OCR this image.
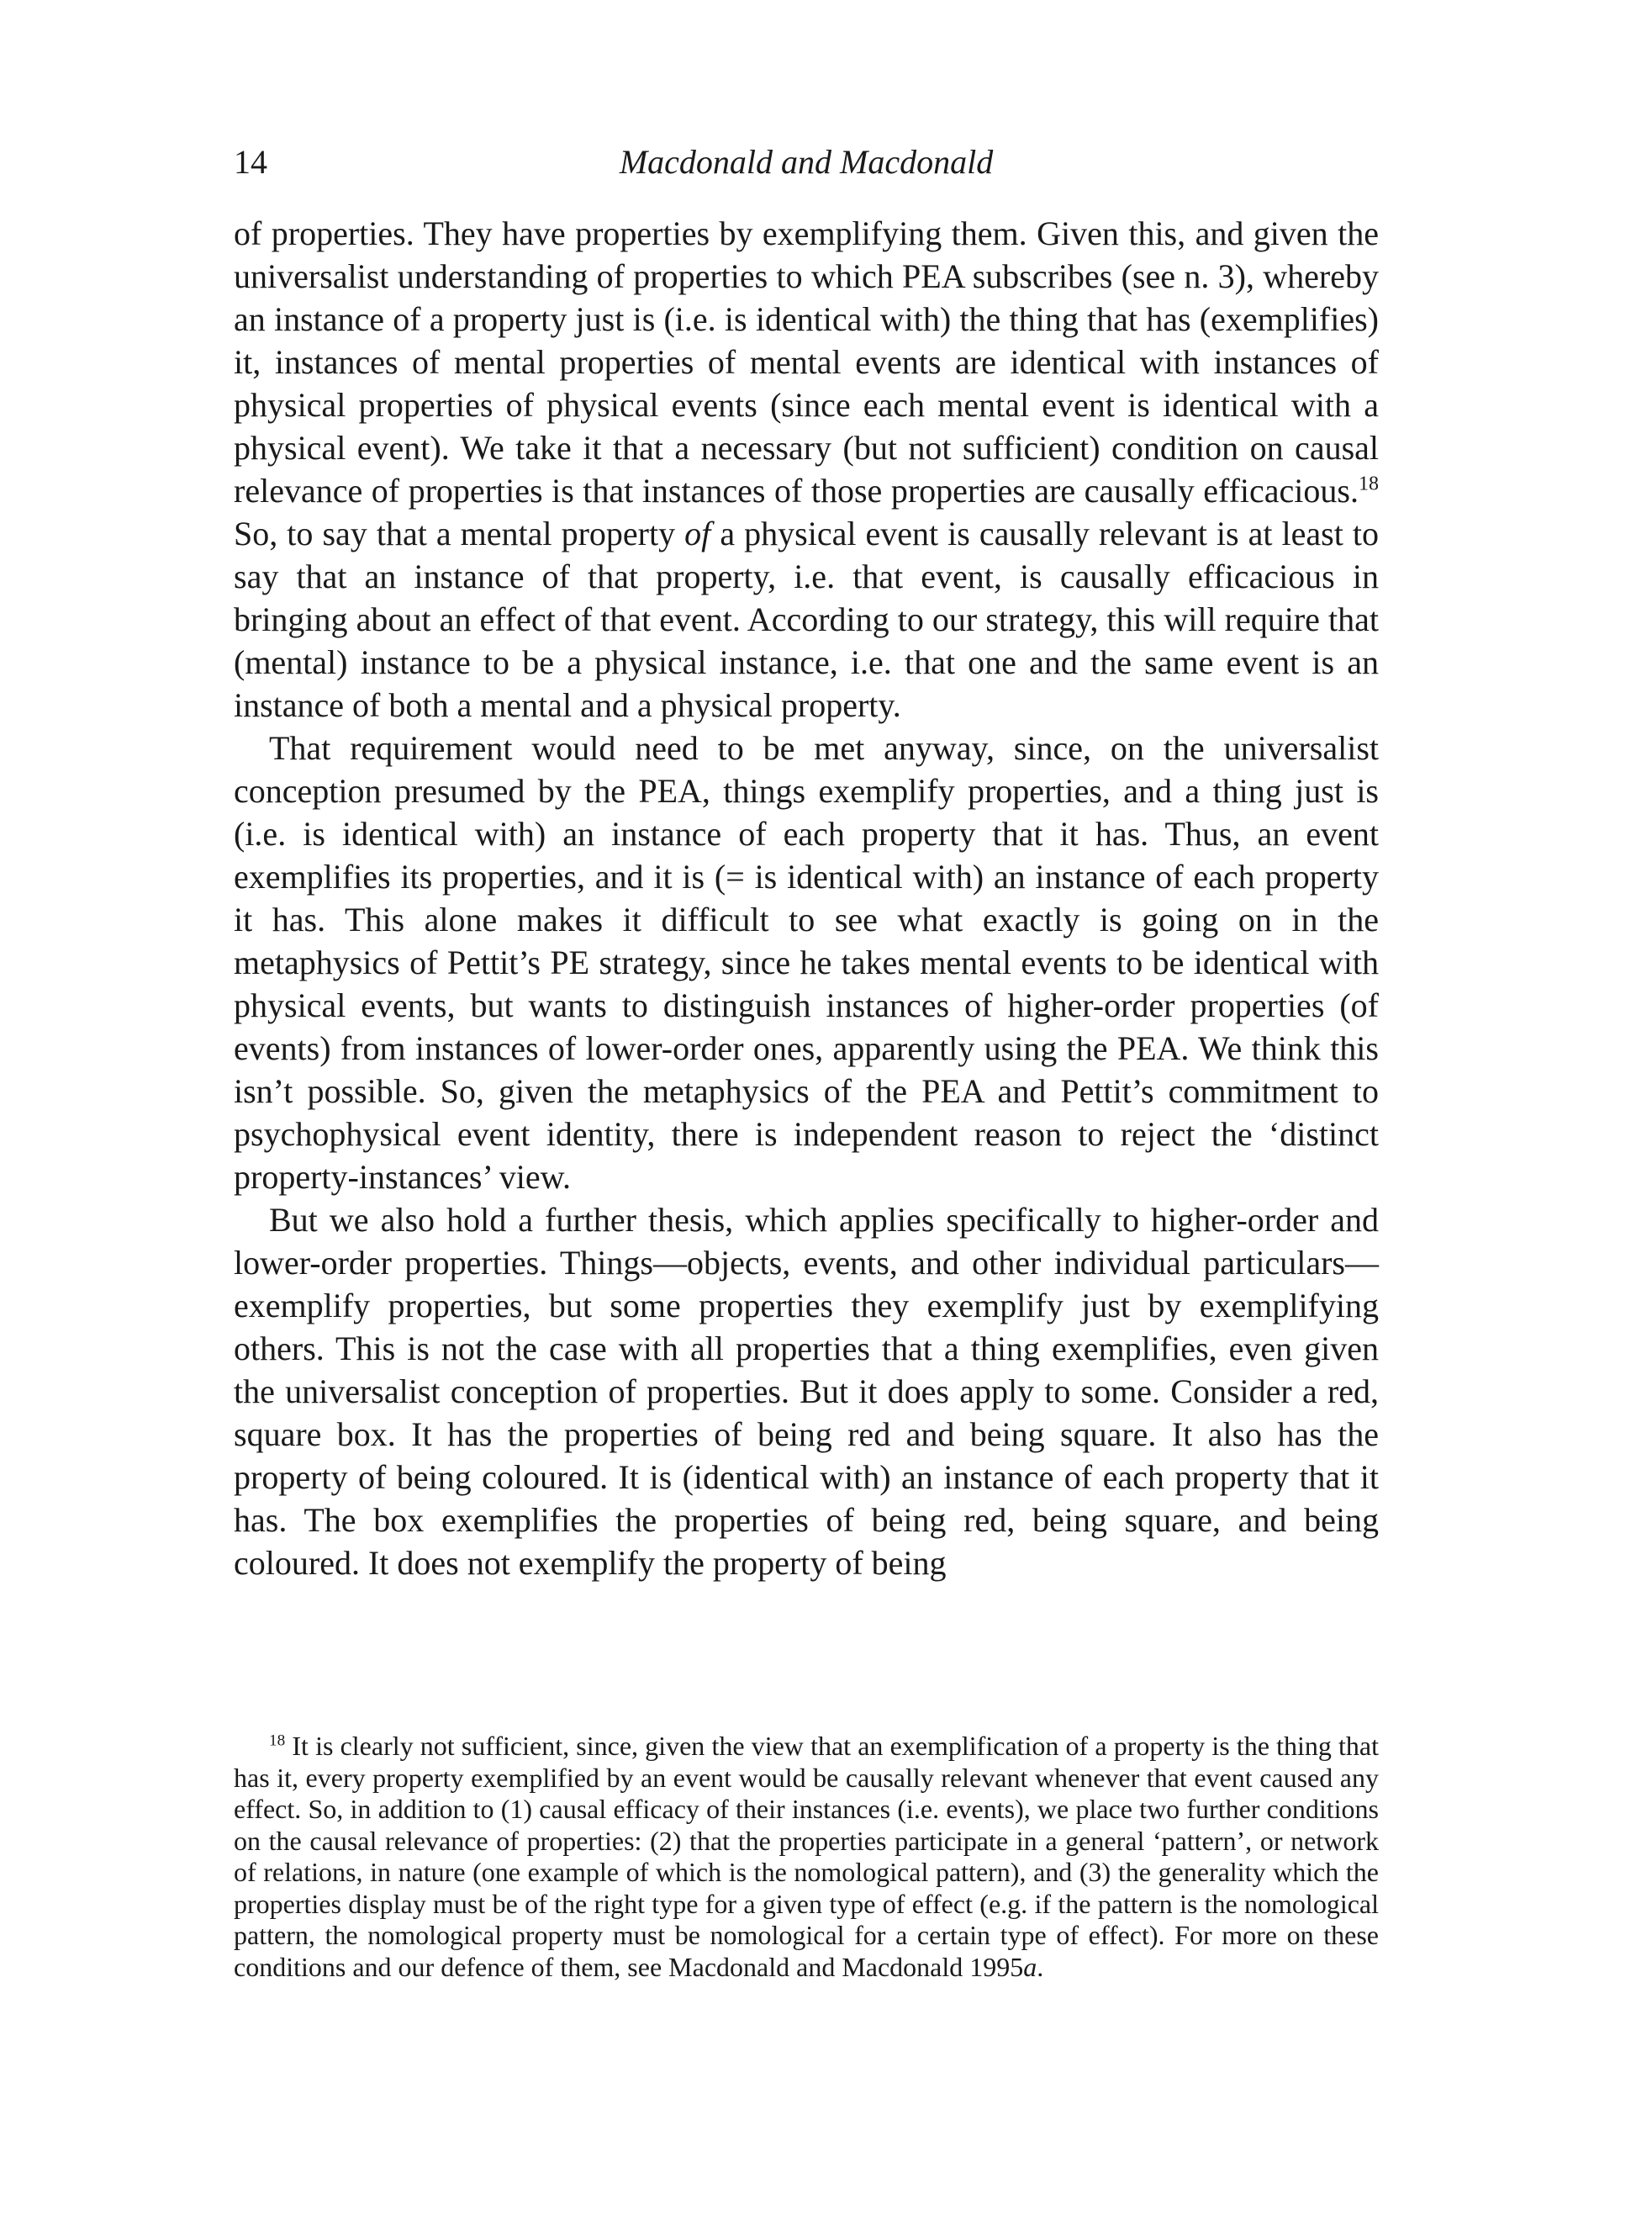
14	Macdonald and Macdonald

of properties. They have properties by exemplifying them. Given this, and given the universalist understanding of properties to which PEA subscribes (see n. 3), whereby an instance of a property just is (i.e. is identical with) the thing that has (exemplifies) it, instances of mental properties of mental events are identical with instances of physical properties of physical events (since each mental event is identical with a physical event). We take it that a necessary (but not sufficient) condition on causal relevance of properties is that instances of those properties are causally efficacious.$^{18}$ So, to say that a mental property of a physical event is causally relevant is at least to say that an instance of that property, i.e. that event, is causally efficacious in bringing about an effect of that event. According to our strategy, this will require that (mental) instance to be a physical instance, i.e. that one and the same event is an instance of both a mental and a physical property.

That requirement would need to be met anyway, since, on the universalist conception presumed by the PEA, things exemplify properties, and a thing just is (i.e. is identical with) an instance of each property that it has. Thus, an event exemplifies its properties, and it is (= is identical with) an instance of each property it has. This alone makes it difficult to see what exactly is going on in the metaphysics of Pettit’s PE strategy, since he takes mental events to be identical with physical events, but wants to distinguish instances of higher-order properties (of events) from instances of lower-order ones, apparently using the PEA. We think this isn’t possible. So, given the metaphysics of the PEA and Pettit’s commitment to psychophysical event identity, there is independent reason to reject the ‘distinct property-instances’ view.

But we also hold a further thesis, which applies specifically to higher-order and lower-order properties. Things—objects, events, and other individual particulars—exemplify properties, but some properties they exemplify just by exemplifying others. This is not the case with all properties that a thing exemplifies, even given the universalist conception of properties. But it does apply to some. Consider a red, square box. It has the properties of being red and being square. It also has the property of being coloured. It is (identical with) an instance of each property that it has. The box exemplifies the properties of being red, being square, and being coloured. It does not exemplify the property of being

$^{18}$ It is clearly not sufficient, since, given the view that an exemplification of a property is the thing that has it, every property exemplified by an event would be causally relevant whenever that event caused any effect. So, in addition to (1) causal efficacy of their instances (i.e. events), we place two further conditions on the causal relevance of properties: (2) that the properties participate in a general ‘pattern’, or network of relations, in nature (one example of which is the nomological pattern), and (3) the generality which the properties display must be of the right type for a given type of effect (e.g. if the pattern is the nomological pattern, the nomological property must be nomological for a certain type of effect). For more on these conditions and our defence of them, see Macdonald and Macdonald 1995a.
